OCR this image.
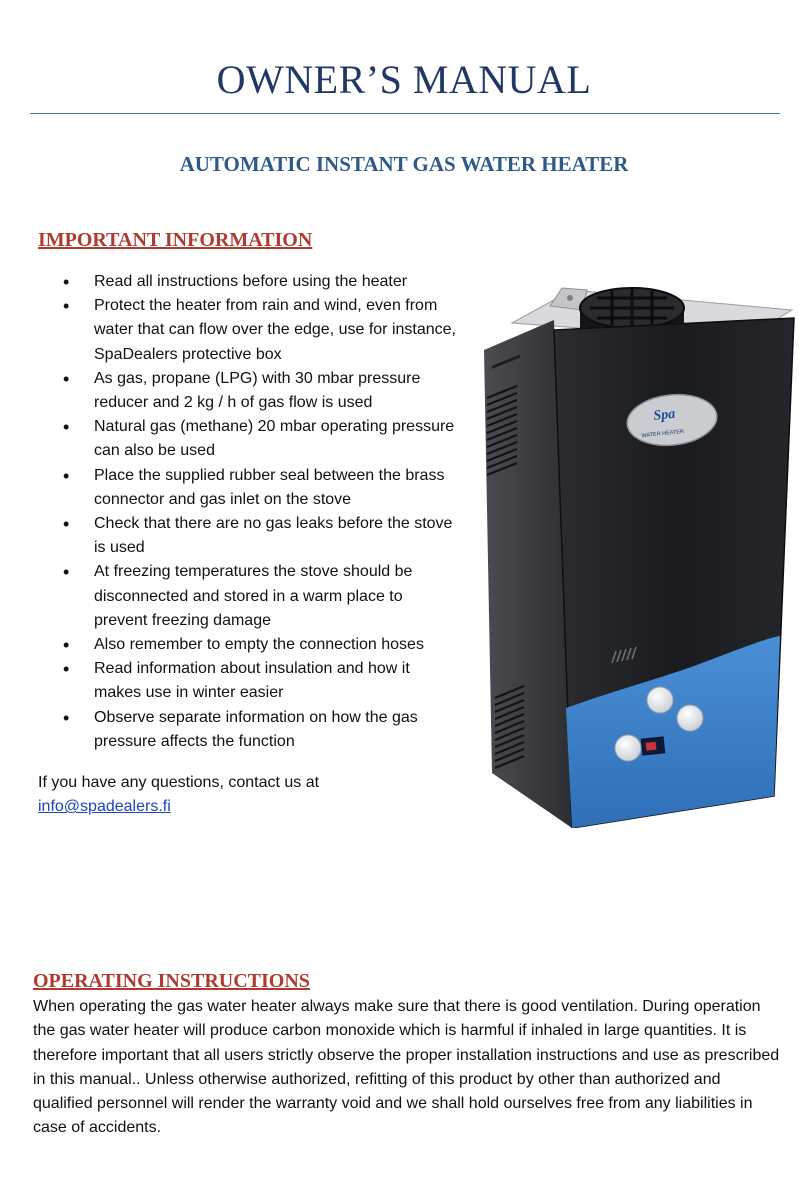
OWNER’S MANUAL
AUTOMATIC INSTANT GAS WATER HEATER
IMPORTANT INFORMATION
• Read all instructions before using the heater
• Protect the heater from rain and wind, even from water that can flow over the edge, use for instance, SpaDealers protective box
• As gas, propane (LPG) with 30 mbar pressure reducer and 2 kg / h of gas flow is used
• Natural gas (methane) 20 mbar operating pressure can also be used
• Place the supplied rubber seal between the brass connector and gas inlet on the stove
• Check that there are no gas leaks before the stove is used
• At freezing temperatures the stove should be disconnected and stored in a warm place to prevent freezing damage
• Also remember to empty the connection hoses
• Read information about insulation and how it makes use in winter easier
• Observe separate information on how the gas pressure affects the function

If you have any questions, contact us at
info@spadealers.fi

Spa
WATER HEATER
OPERATING INSTRUCTIONS

When operating the gas water heater always make sure that there is good ventilation. During operation the gas water heater will produce carbon monoxide which is harmful if inhaled in large quantities. It is therefore important that all users strictly observe the proper installation instructions and use as prescribed in this manual.. Unless otherwise authorized, refitting of this product by other than authorized and qualified personnel will render the warranty void and we shall hold ourselves free from any liabilities in case of accidents.
